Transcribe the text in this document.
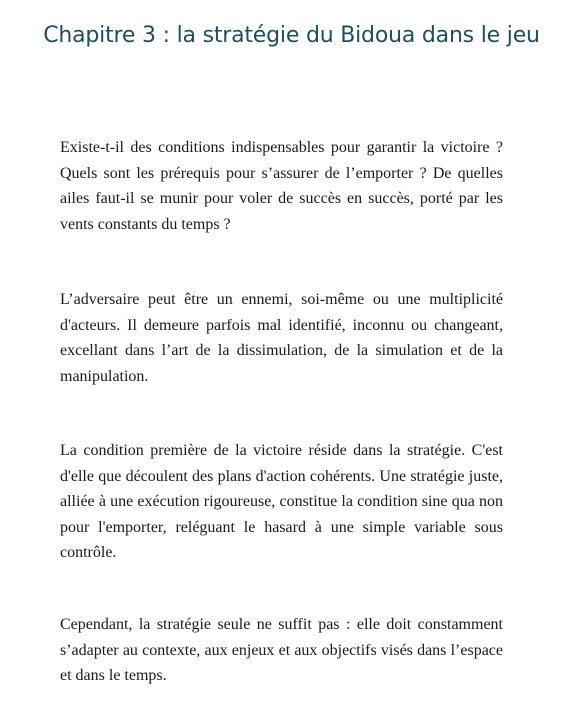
Chapitre 3 : la stratégie du Bidoua dans le jeu

Existe-t-il des conditions indispensables pour garantir la victoire ? Quels sont les prérequis pour s’assurer de l’emporter ? De quelles ailes faut-il se munir pour voler de succès en succès, porté par les vents constants du temps ?

L’adversaire peut être un ennemi, soi-même ou une multiplicité d'acteurs. Il demeure parfois mal identifié, inconnu ou changeant, excellant dans l’art de la dissimulation, de la simulation et de la manipulation.

La condition première de la victoire réside dans la stratégie. C'est d'elle que découlent des plans d'action cohérents. Une stratégie juste, alliée à une exécution rigoureuse, constitue la condition sine qua non pour l'emporter, reléguant le hasard à une simple variable sous contrôle.

Cependant, la stratégie seule ne suffit pas : elle doit constamment s’adapter au contexte, aux enjeux et aux objectifs visés dans l’espace et dans le temps.
